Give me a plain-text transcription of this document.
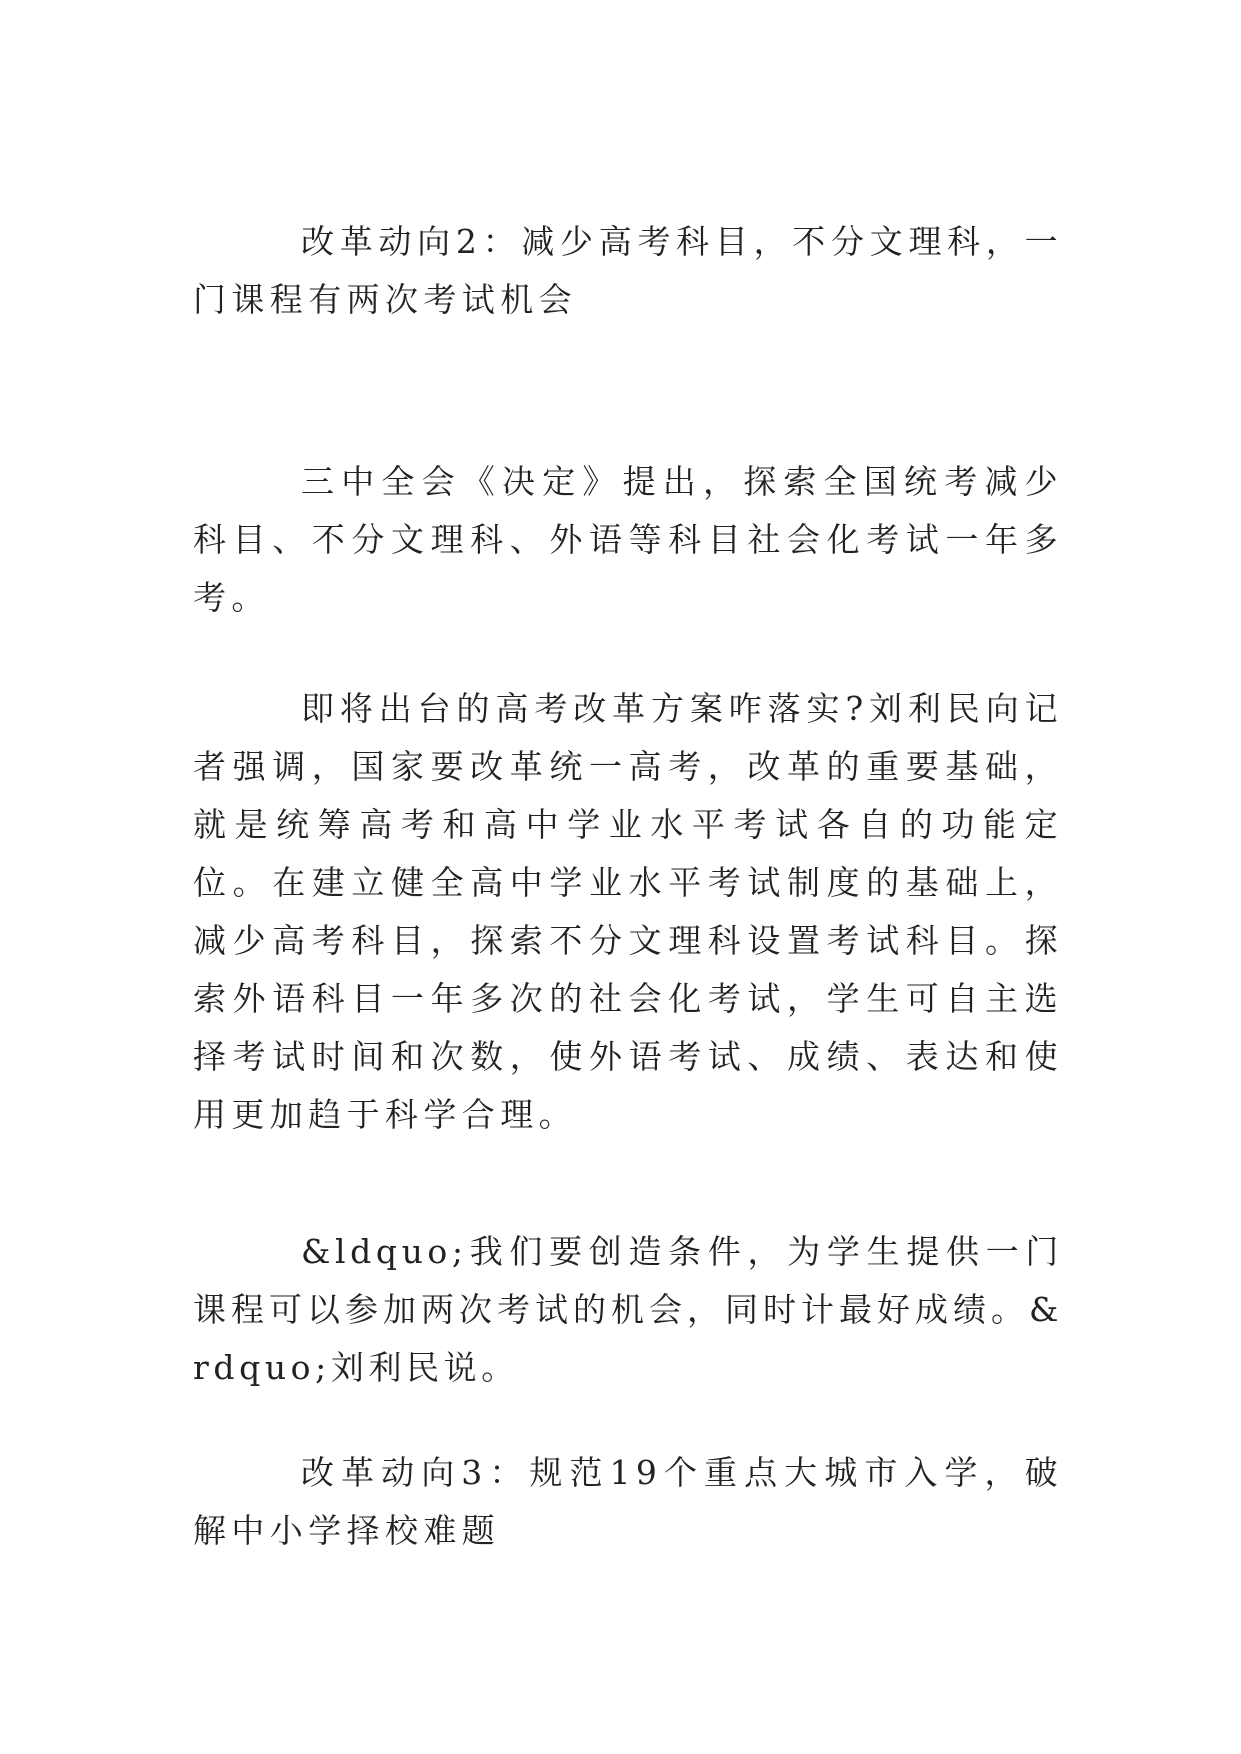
改革动向2：减少高考科目，不分文理科，一门课程有两次考试机会

三中全会《决定》提出，探索全国统考减少科目、不分文理科、外语等科目社会化考试一年多考。

即将出台的高考改革方案咋落实?刘利民向记者强调，国家要改革统一高考，改革的重要基础，就是统筹高考和高中学业水平考试各自的功能定位。在建立健全高中学业水平考试制度的基础上，减少高考科目，探索不分文理科设置考试科目。探索外语科目一年多次的社会化考试，学生可自主选择考试时间和次数，使外语考试、成绩、表达和使用更加趋于科学合理。

&ldquo;我们要创造条件，为学生提供一门课程可以参加两次考试的机会，同时计最好成绩。&rdquo;刘利民说。

改革动向3：规范19个重点大城市入学，破解中小学择校难题
